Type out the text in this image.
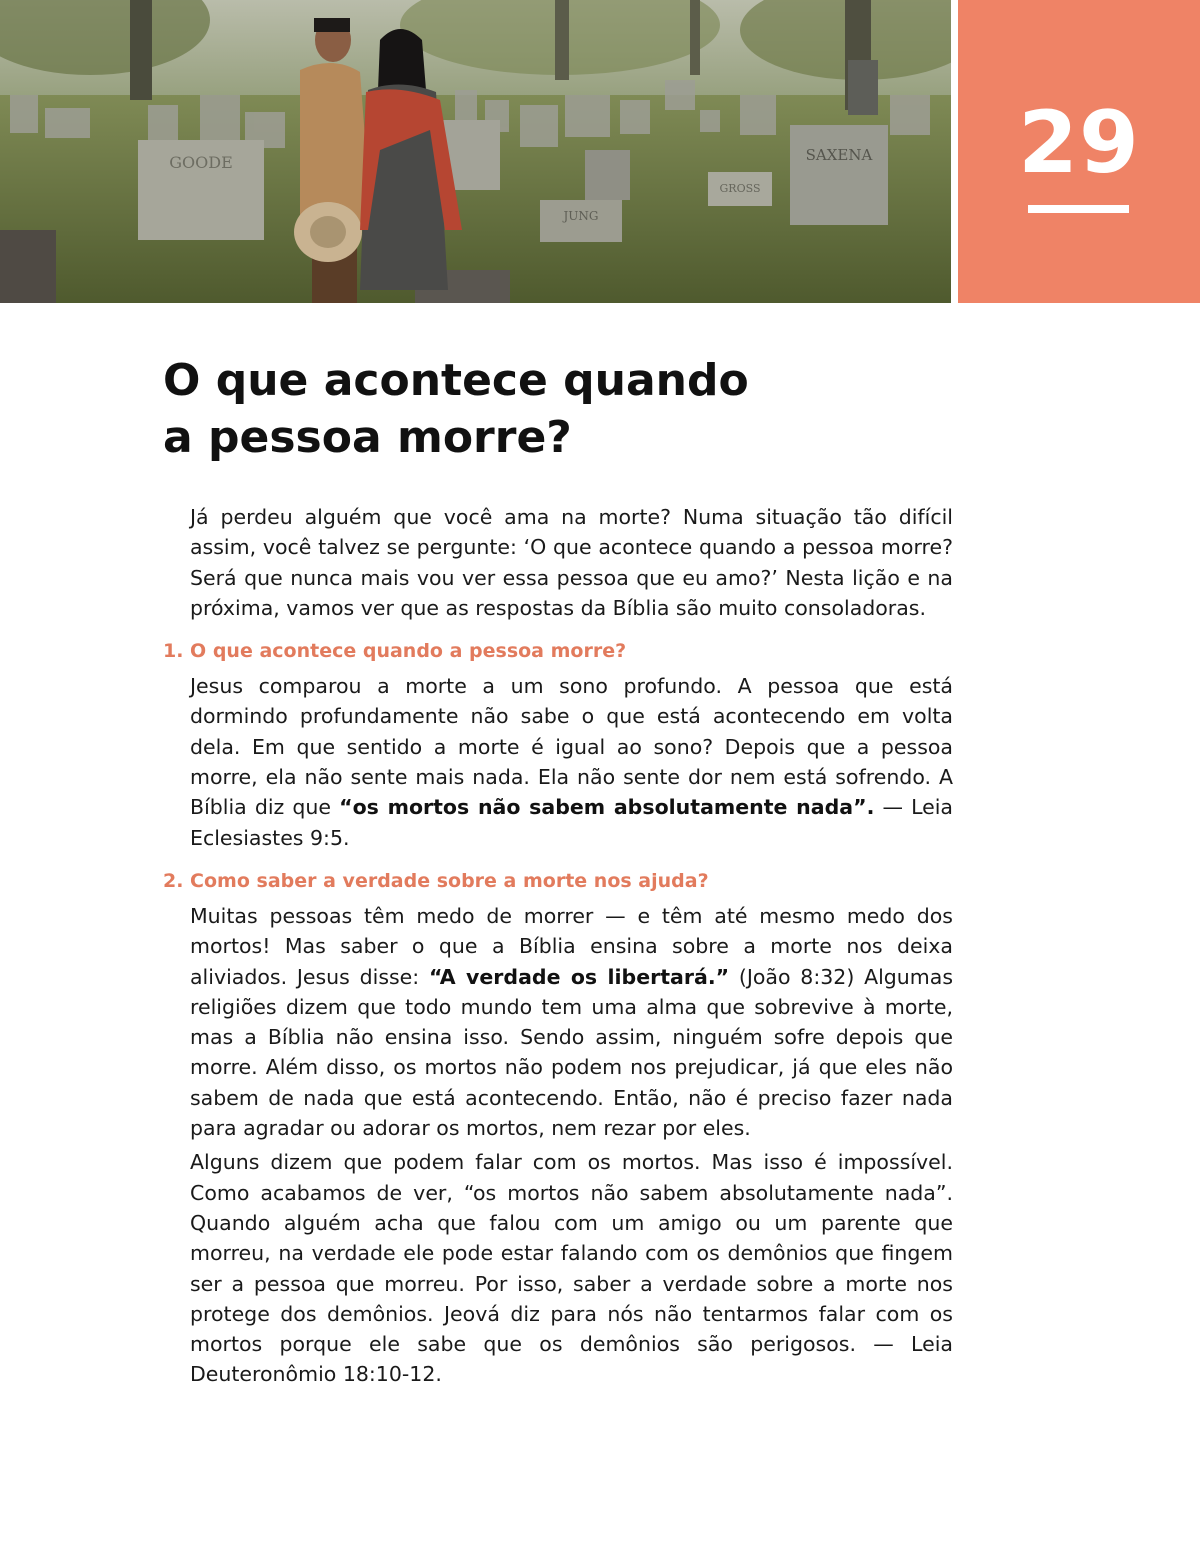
GOODE
JUNG
GROSS
SAXENA	29
O que acontece quando
a pessoa morre?

Já perdeu alguém que você ama na morte? Numa situação tão difícil assim, você talvez se pergunte: ‘O que acontece quando a pessoa morre? Será que nunca mais vou ver essa pessoa que eu amo?’ Nesta lição e na próxima, vamos ver que as respostas da Bíblia são muito consoladoras.

1. O que acontece quando a pessoa morre?

Jesus comparou a morte a um sono profundo. A pessoa que está dormindo profundamente não sabe o que está acontecendo em volta dela. Em que sentido a morte é igual ao sono? Depois que a pessoa morre, ela não sente mais nada. Ela não sente dor nem está sofrendo. A Bíblia diz que “os mortos não sabem absolutamente nada”. — Leia Eclesiastes 9:5.

2. Como saber a verdade sobre a morte nos ajuda?

Muitas pessoas têm medo de morrer — e têm até mesmo medo dos mortos! Mas saber o que a Bíblia ensina sobre a morte nos deixa aliviados. Jesus disse: “A verdade os libertará.” (João 8:32) Algumas religiões dizem que todo mundo tem uma alma que sobrevive à morte, mas a Bíblia não ensina isso. Sendo assim, ninguém sofre depois que morre. Além disso, os mortos não podem nos prejudicar, já que eles não sabem de nada que está acontecendo. Então, não é preciso fazer nada para agradar ou adorar os mortos, nem rezar por eles.

Alguns dizem que podem falar com os mortos. Mas isso é impossível. Como acabamos de ver, “os mortos não sabem absolutamente nada”. Quando alguém acha que falou com um amigo ou um parente que morreu, na verdade ele pode estar falando com os demônios que fingem ser a pessoa que morreu. Por isso, saber a verdade sobre a morte nos protege dos demônios. Jeová diz para nós não tentarmos falar com os mortos porque ele sabe que os demônios são perigosos. — Leia Deuteronômio 18:10-12.
